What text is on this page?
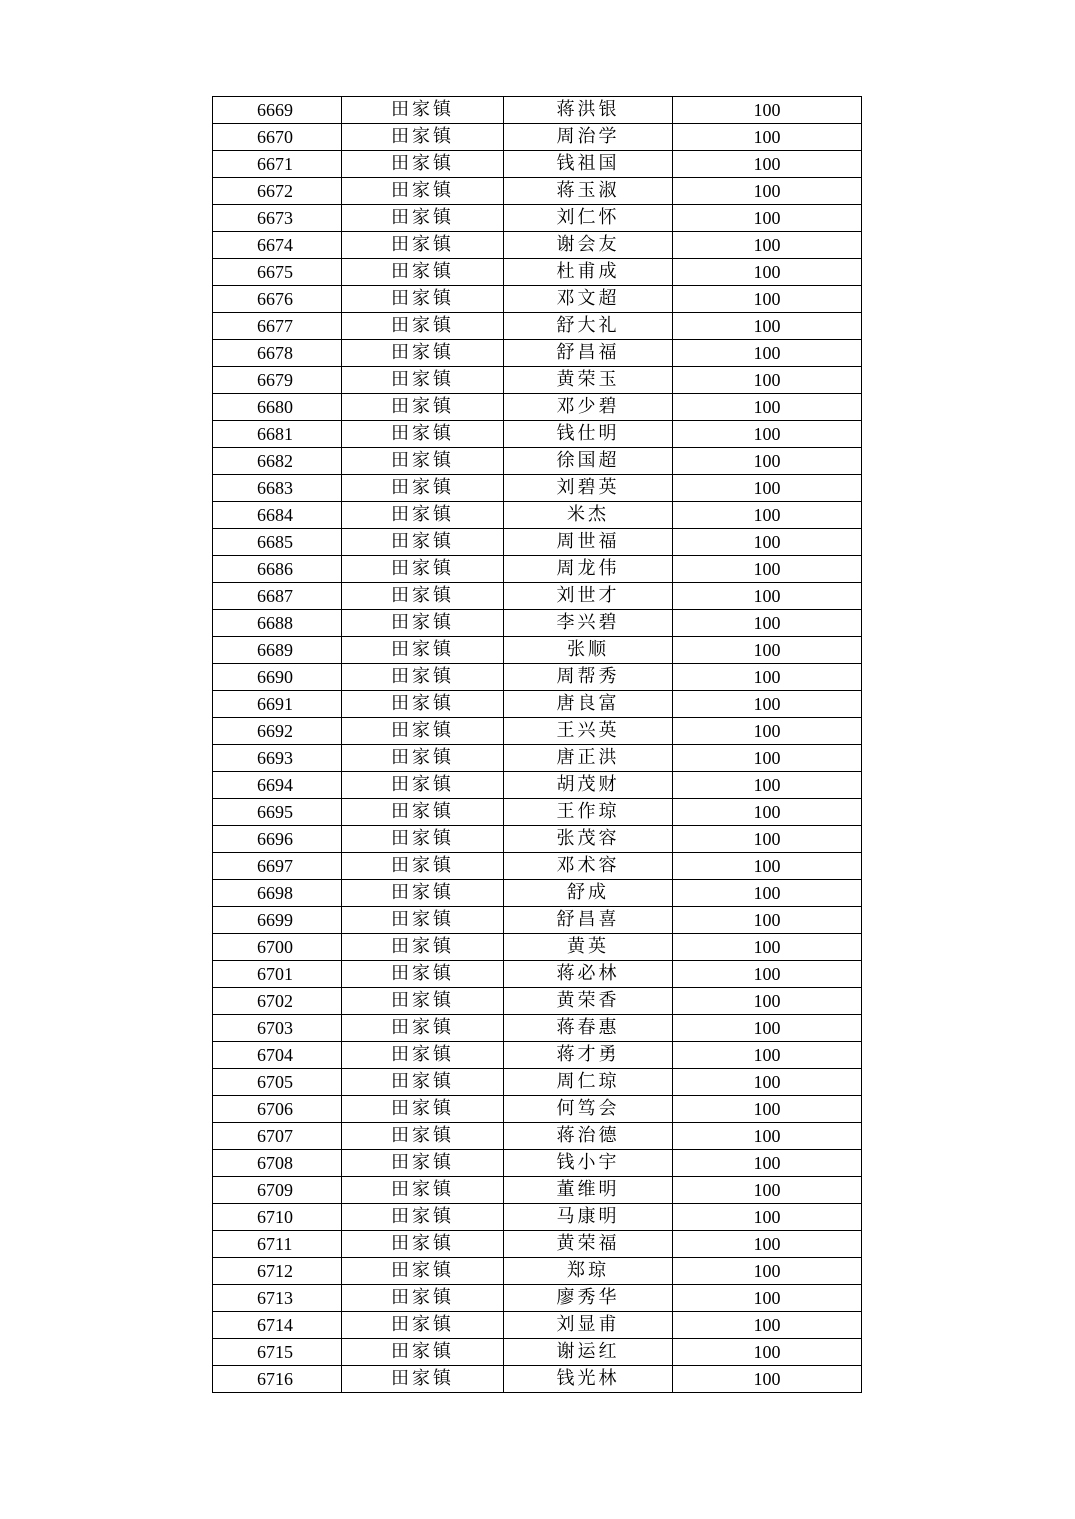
6669	田家镇	蒋洪银	100
6670	田家镇	周治学	100
6671	田家镇	钱祖国	100
6672	田家镇	蒋玉淑	100
6673	田家镇	刘仁怀	100
6674	田家镇	谢会友	100
6675	田家镇	杜甫成	100
6676	田家镇	邓文超	100
6677	田家镇	舒大礼	100
6678	田家镇	舒昌福	100
6679	田家镇	黄荣玉	100
6680	田家镇	邓少碧	100
6681	田家镇	钱仕明	100
6682	田家镇	徐国超	100
6683	田家镇	刘碧英	100
6684	田家镇	米杰	100
6685	田家镇	周世福	100
6686	田家镇	周龙伟	100
6687	田家镇	刘世才	100
6688	田家镇	李兴碧	100
6689	田家镇	张顺	100
6690	田家镇	周帮秀	100
6691	田家镇	唐良富	100
6692	田家镇	王兴英	100
6693	田家镇	唐正洪	100
6694	田家镇	胡茂财	100
6695	田家镇	王作琼	100
6696	田家镇	张茂容	100
6697	田家镇	邓术容	100
6698	田家镇	舒成	100
6699	田家镇	舒昌喜	100
6700	田家镇	黄英	100
6701	田家镇	蒋必林	100
6702	田家镇	黄荣香	100
6703	田家镇	蒋春惠	100
6704	田家镇	蒋才勇	100
6705	田家镇	周仁琼	100
6706	田家镇	何笃会	100
6707	田家镇	蒋治德	100
6708	田家镇	钱小宇	100
6709	田家镇	董维明	100
6710	田家镇	马康明	100
6711	田家镇	黄荣福	100
6712	田家镇	郑琼	100
6713	田家镇	廖秀华	100
6714	田家镇	刘显甫	100
6715	田家镇	谢运红	100
6716	田家镇	钱光林	100
